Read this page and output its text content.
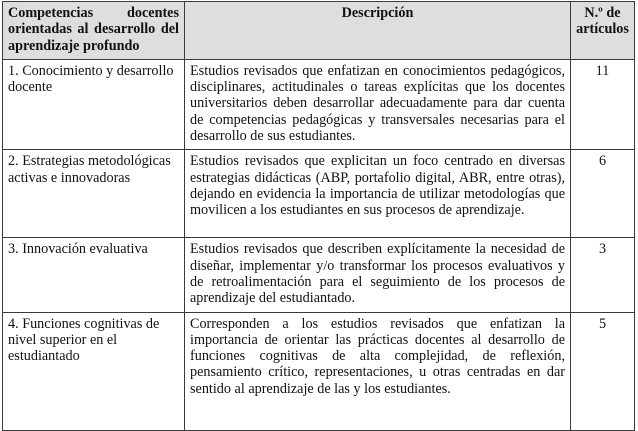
Competencias docentes orientadas al desarrollo del aprendizaje profundo	Descripción	N.º de artículos
1. Conocimiento y desarrollo docente	Estudios revisados que enfatizan en conocimientos pedagógicos, disciplinares, actitudinales o tareas explícitas que los docentes universitarios deben desarrollar adecuadamente para dar cuenta de competencias pedagógicas y transversales necesarias para el desarrollo de sus estudiantes.	11
2. Estrategias metodológicas activas e innovadoras	Estudios revisados que explicitan un foco centrado en diversas estrategias didácticas (ABP, portafolio digital, ABR, entre otras), dejando en evidencia la importancia de utilizar metodologías que movilicen a los estudiantes en sus procesos de aprendizaje.	6
3. Innovación evaluativa	Estudios revisados que describen explícitamente la necesidad de diseñar, implementar y/o transformar los procesos evaluativos y de retroalimentación para el seguimiento de los procesos de aprendizaje del estudiantado.	3
4. Funciones cognitivas de nivel superior en el estudiantado	Corresponden a los estudios revisados que enfatizan la importancia de orientar las prácticas docentes al desarrollo de funciones cognitivas de alta complejidad, de reflexión, pensamiento crítico, representaciones, u otras centradas en dar sentido al aprendizaje de las y los estudiantes.	5
